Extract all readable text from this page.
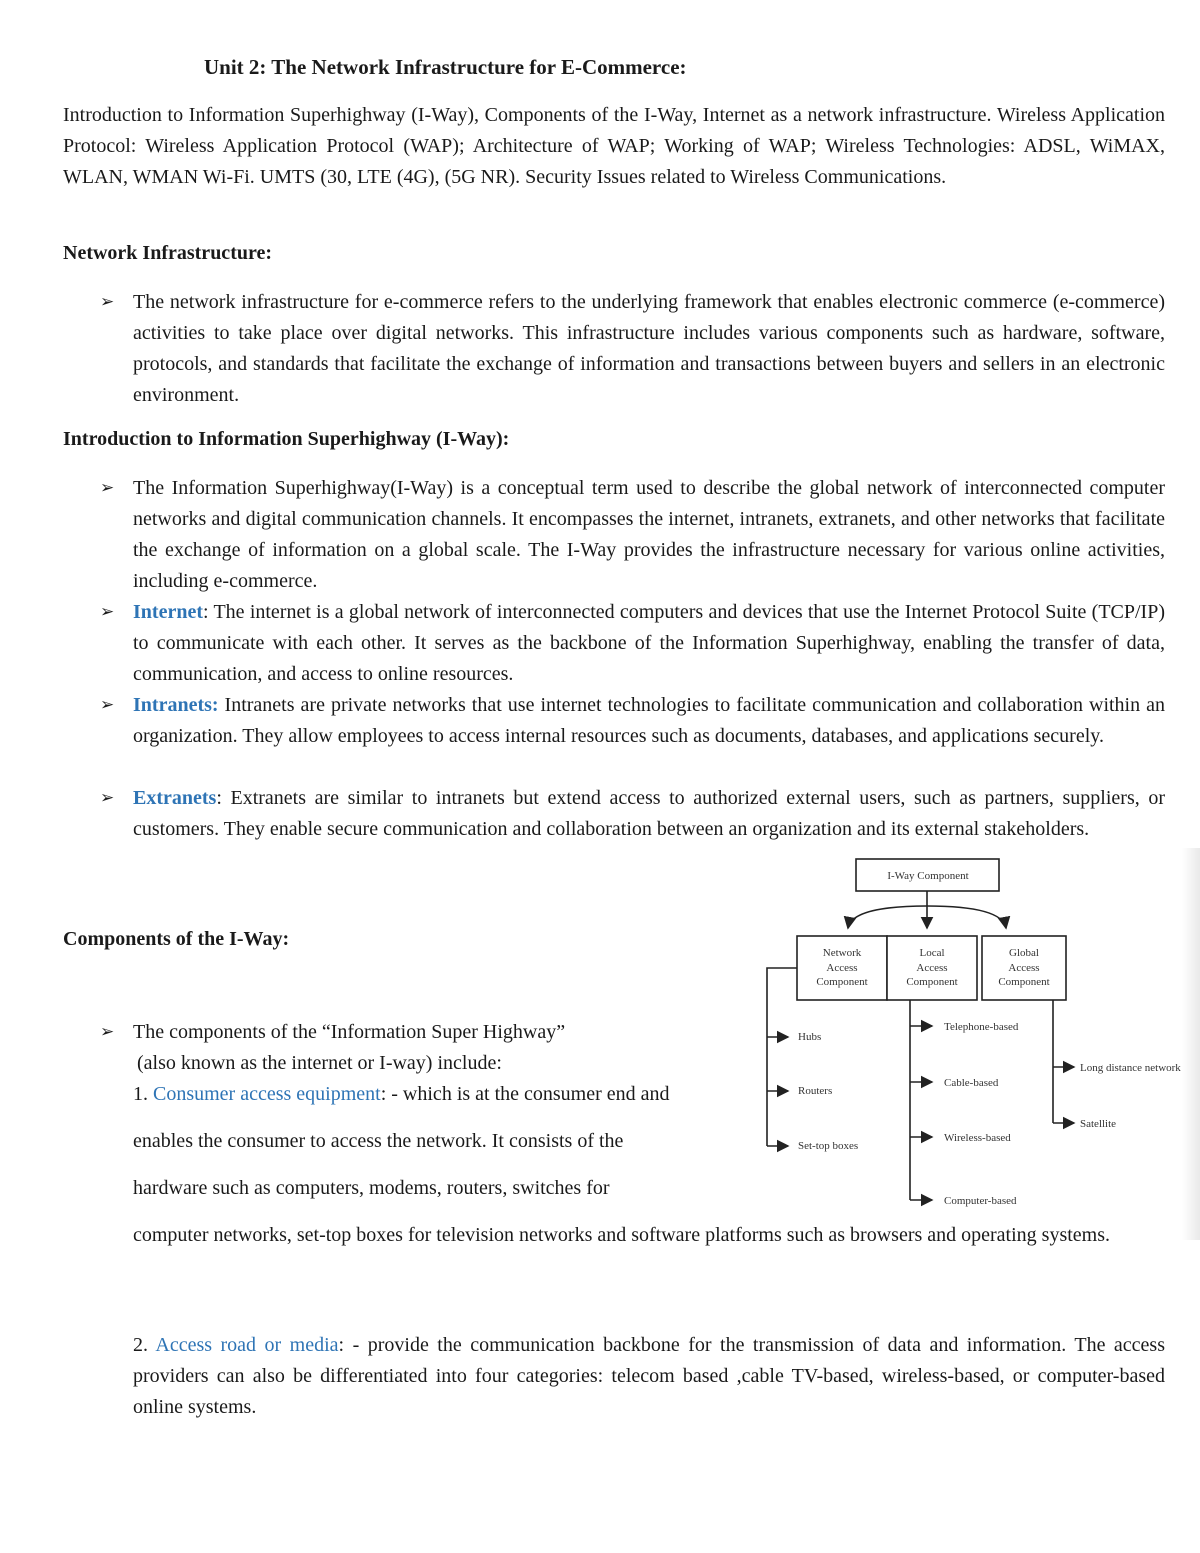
Unit 2: The Network Infrastructure for E-Commerce:

Introduction to Information Superhighway (I-Way), Components of the I-Way, Internet as a network infrastructure. Wireless Application Protocol: Wireless Application Protocol (WAP); Architecture of WAP; Working of WAP; Wireless Technologies: ADSL, WiMAX, WLAN, WMAN Wi-Fi. UMTS (30, LTE (4G), (5G NR). Security Issues related to Wireless Communications.

Network Infrastructure:
➢ The network infrastructure for e-commerce refers to the underlying framework that enables electronic commerce (e-commerce) activities to take place over digital networks. This infrastructure includes various components such as hardware, software, protocols, and standards that facilitate the exchange of information and transactions between buyers and sellers in an electronic environment.
Introduction to Information Superhighway (I-Way):
➢ The Information Superhighway(I-Way) is a conceptual term used to describe the global network of interconnected computer networks and digital communication channels. It encompasses the internet, intranets, extranets, and other networks that facilitate the exchange of information on a global scale. The I-Way provides the infrastructure necessary for various online activities, including e-commerce.
➢ Internet: The internet is a global network of interconnected computers and devices that use the Internet Protocol Suite (TCP/IP) to communicate with each other. It serves as the backbone of the Information Superhighway, enabling the transfer of data, communication, and access to online resources.
➢ Intranets: Intranets are private networks that use internet technologies to facilitate communication and collaboration within an organization. They allow employees to access internal resources such as documents, databases, and applications securely.
➢ Extranets: Extranets are similar to intranets but extend access to authorized external users, such as partners, suppliers, or customers. They enable secure communication and collaboration between an organization and its external stakeholders.
Components of the I-Way:
➢ The components of the “Information Super Highway”

(also known as the internet or I-way) include:

1. Consumer access equipment: - which is at the consumer end and

enables the consumer to access the network. It consists of the

hardware such as computers, modems, routers, switches for

computer networks, set-top boxes for television networks and software platforms such as browsers and operating systems.

2. Access road or media: - provide the communication backbone for the transmission of data and information. The access providers can also be differentiated into four categories: telecom based ,cable TV-based, wireless-based, or computer-based online systems.

I-Way Component
Network
Access
Component
Local
Access
Component
Global
Access
Component
Hubs
Routers
Set-top boxes
Telephone-based
Cable-based
Wireless-based
Computer-based
Long distance network
Satellite
